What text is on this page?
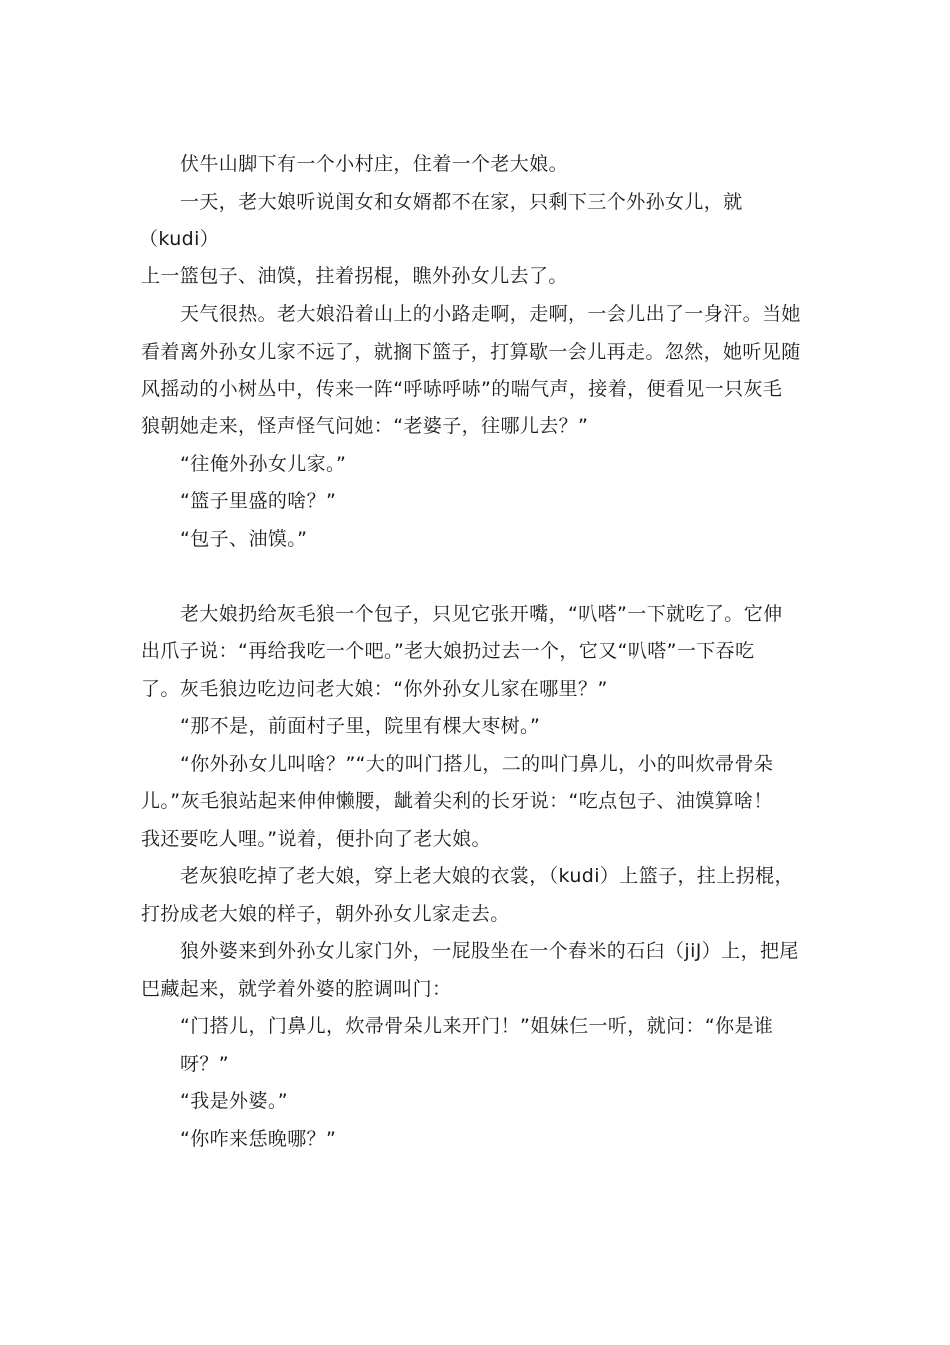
伏牛山脚下有一个小村庄，住着一个老大娘。
一天，老大娘听说闺女和女婿都不在家，只剩下三个外孙女儿，就
（kudi）
上一篮包子、油馍，拄着拐棍，瞧外孙女儿去了。
天气很热。老大娘沿着山上的小路走啊，走啊，一会儿出了一身汗。当她
看着离外孙女儿家不远了，就搁下篮子，打算歇一会儿再走。忽然，她听见随
风摇动的小树丛中，传来一阵“呼哧呼哧”的喘气声，接着，便看见一只灰毛
狼朝她走来，怪声怪气问她：“老婆子，往哪儿去？”
“往俺外孙女儿家。”
“篮子里盛的啥？”
“包子、油馍。”
老大娘扔给灰毛狼一个包子，只见它张开嘴，“叭嗒”一下就吃了。它伸
出爪子说：“再给我吃一个吧。”老大娘扔过去一个，它又“叭嗒”一下吞吃
了。灰毛狼边吃边问老大娘：“你外孙女儿家在哪里？”
“那不是，前面村子里，院里有棵大枣树。”
“你外孙女儿叫啥？”“大的叫门搭儿，二的叫门鼻儿，小的叫炊帚骨朵
儿。”灰毛狼站起来伸伸懒腰，龇着尖利的长牙说：“吃点包子、油馍算啥！
我还要吃人哩。”说着，便扑向了老大娘。
老灰狼吃掉了老大娘，穿上老大娘的衣裳，（kudi）上篮子，拄上拐棍，
打扮成老大娘的样子，朝外孙女儿家走去。
狼外婆来到外孙女儿家门外，一屁股坐在一个舂米的石臼（jiJ）上，把尾
巴藏起来，就学着外婆的腔调叫门：
“门搭儿，门鼻儿，炊帚骨朵儿来开门！”姐妹仨一听，就问：“你是谁
呀？”
“我是外婆。”
“你咋来恁晚哪？”
